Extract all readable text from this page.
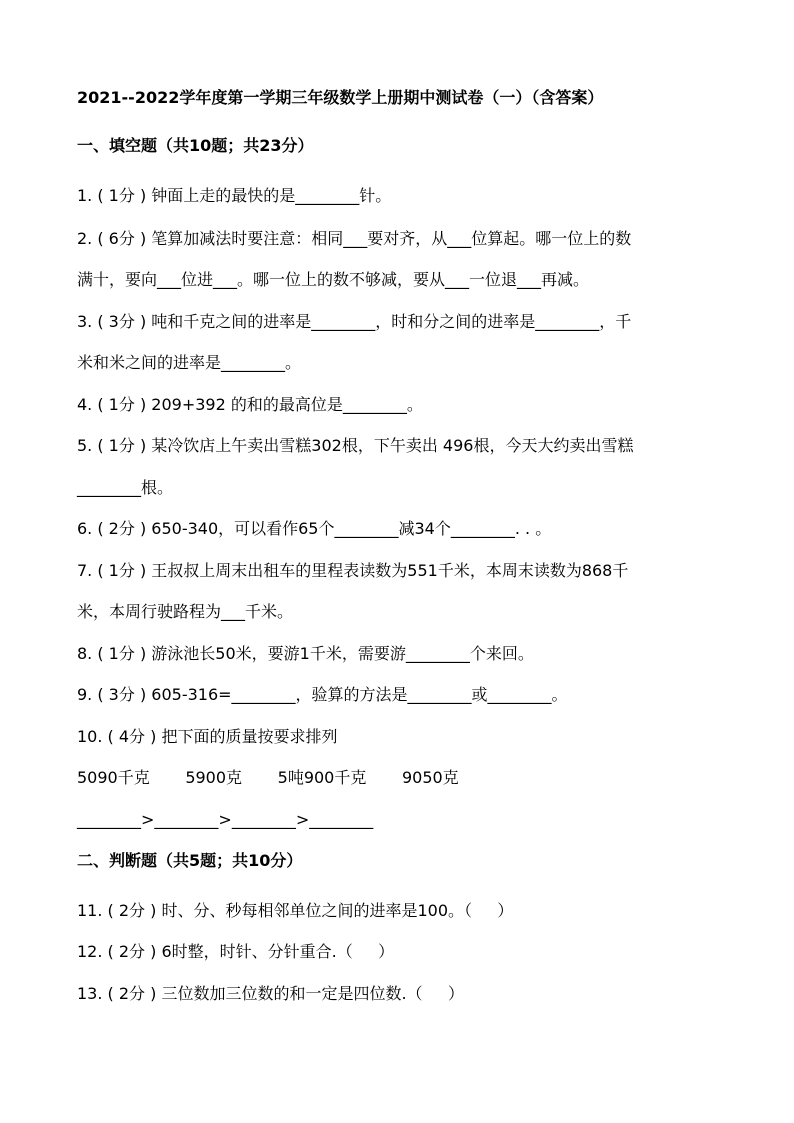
2021--2022学年度第一学期三年级数学上册期中测试卷（一）（含答案）
一、填空题（共10题；共23分）
1. ( 1分 ) 钟面上走的最快的是________针。
2. ( 6分 ) 笔算加减法时要注意：相同___要对齐，从___位算起。哪一位上的数
满十，要向___位进___。哪一位上的数不够减，要从___一位退___再减。
3. ( 3分 ) 吨和千克之间的进率是________，时和分之间的进率是________，千
米和米之间的进率是________。
4. ( 1分 ) 209+392 的和的最高位是________。
5. ( 1分 ) 某冷饮店上午卖出雪糕302根，下午卖出 496根，今天大约卖出雪糕
________根。
6. ( 2分 ) 650-340，可以看作65个________减34个________. . 。
7. ( 1分 ) 王叔叔上周末出租车的里程表读数为551千米，本周末读数为868千
米，本周行驶路程为___千米。
8. ( 1分 ) 游泳池长50米，要游1千米，需要游________个来回。
9. ( 3分 ) 605-316=________，验算的方法是________或________。
10. ( 4分 ) 把下面的质量按要求排列
5090千克       5900克       5吨900千克       9050克
________>________>________>________
二、判断题（共5题；共10分）
11. ( 2分 ) 时、分、秒每相邻单位之间的进率是100。（     ）
12. ( 2分 ) 6时整，时针、分针重合.（     ）
13. ( 2分 ) 三位数加三位数的和一定是四位数.（     ）
